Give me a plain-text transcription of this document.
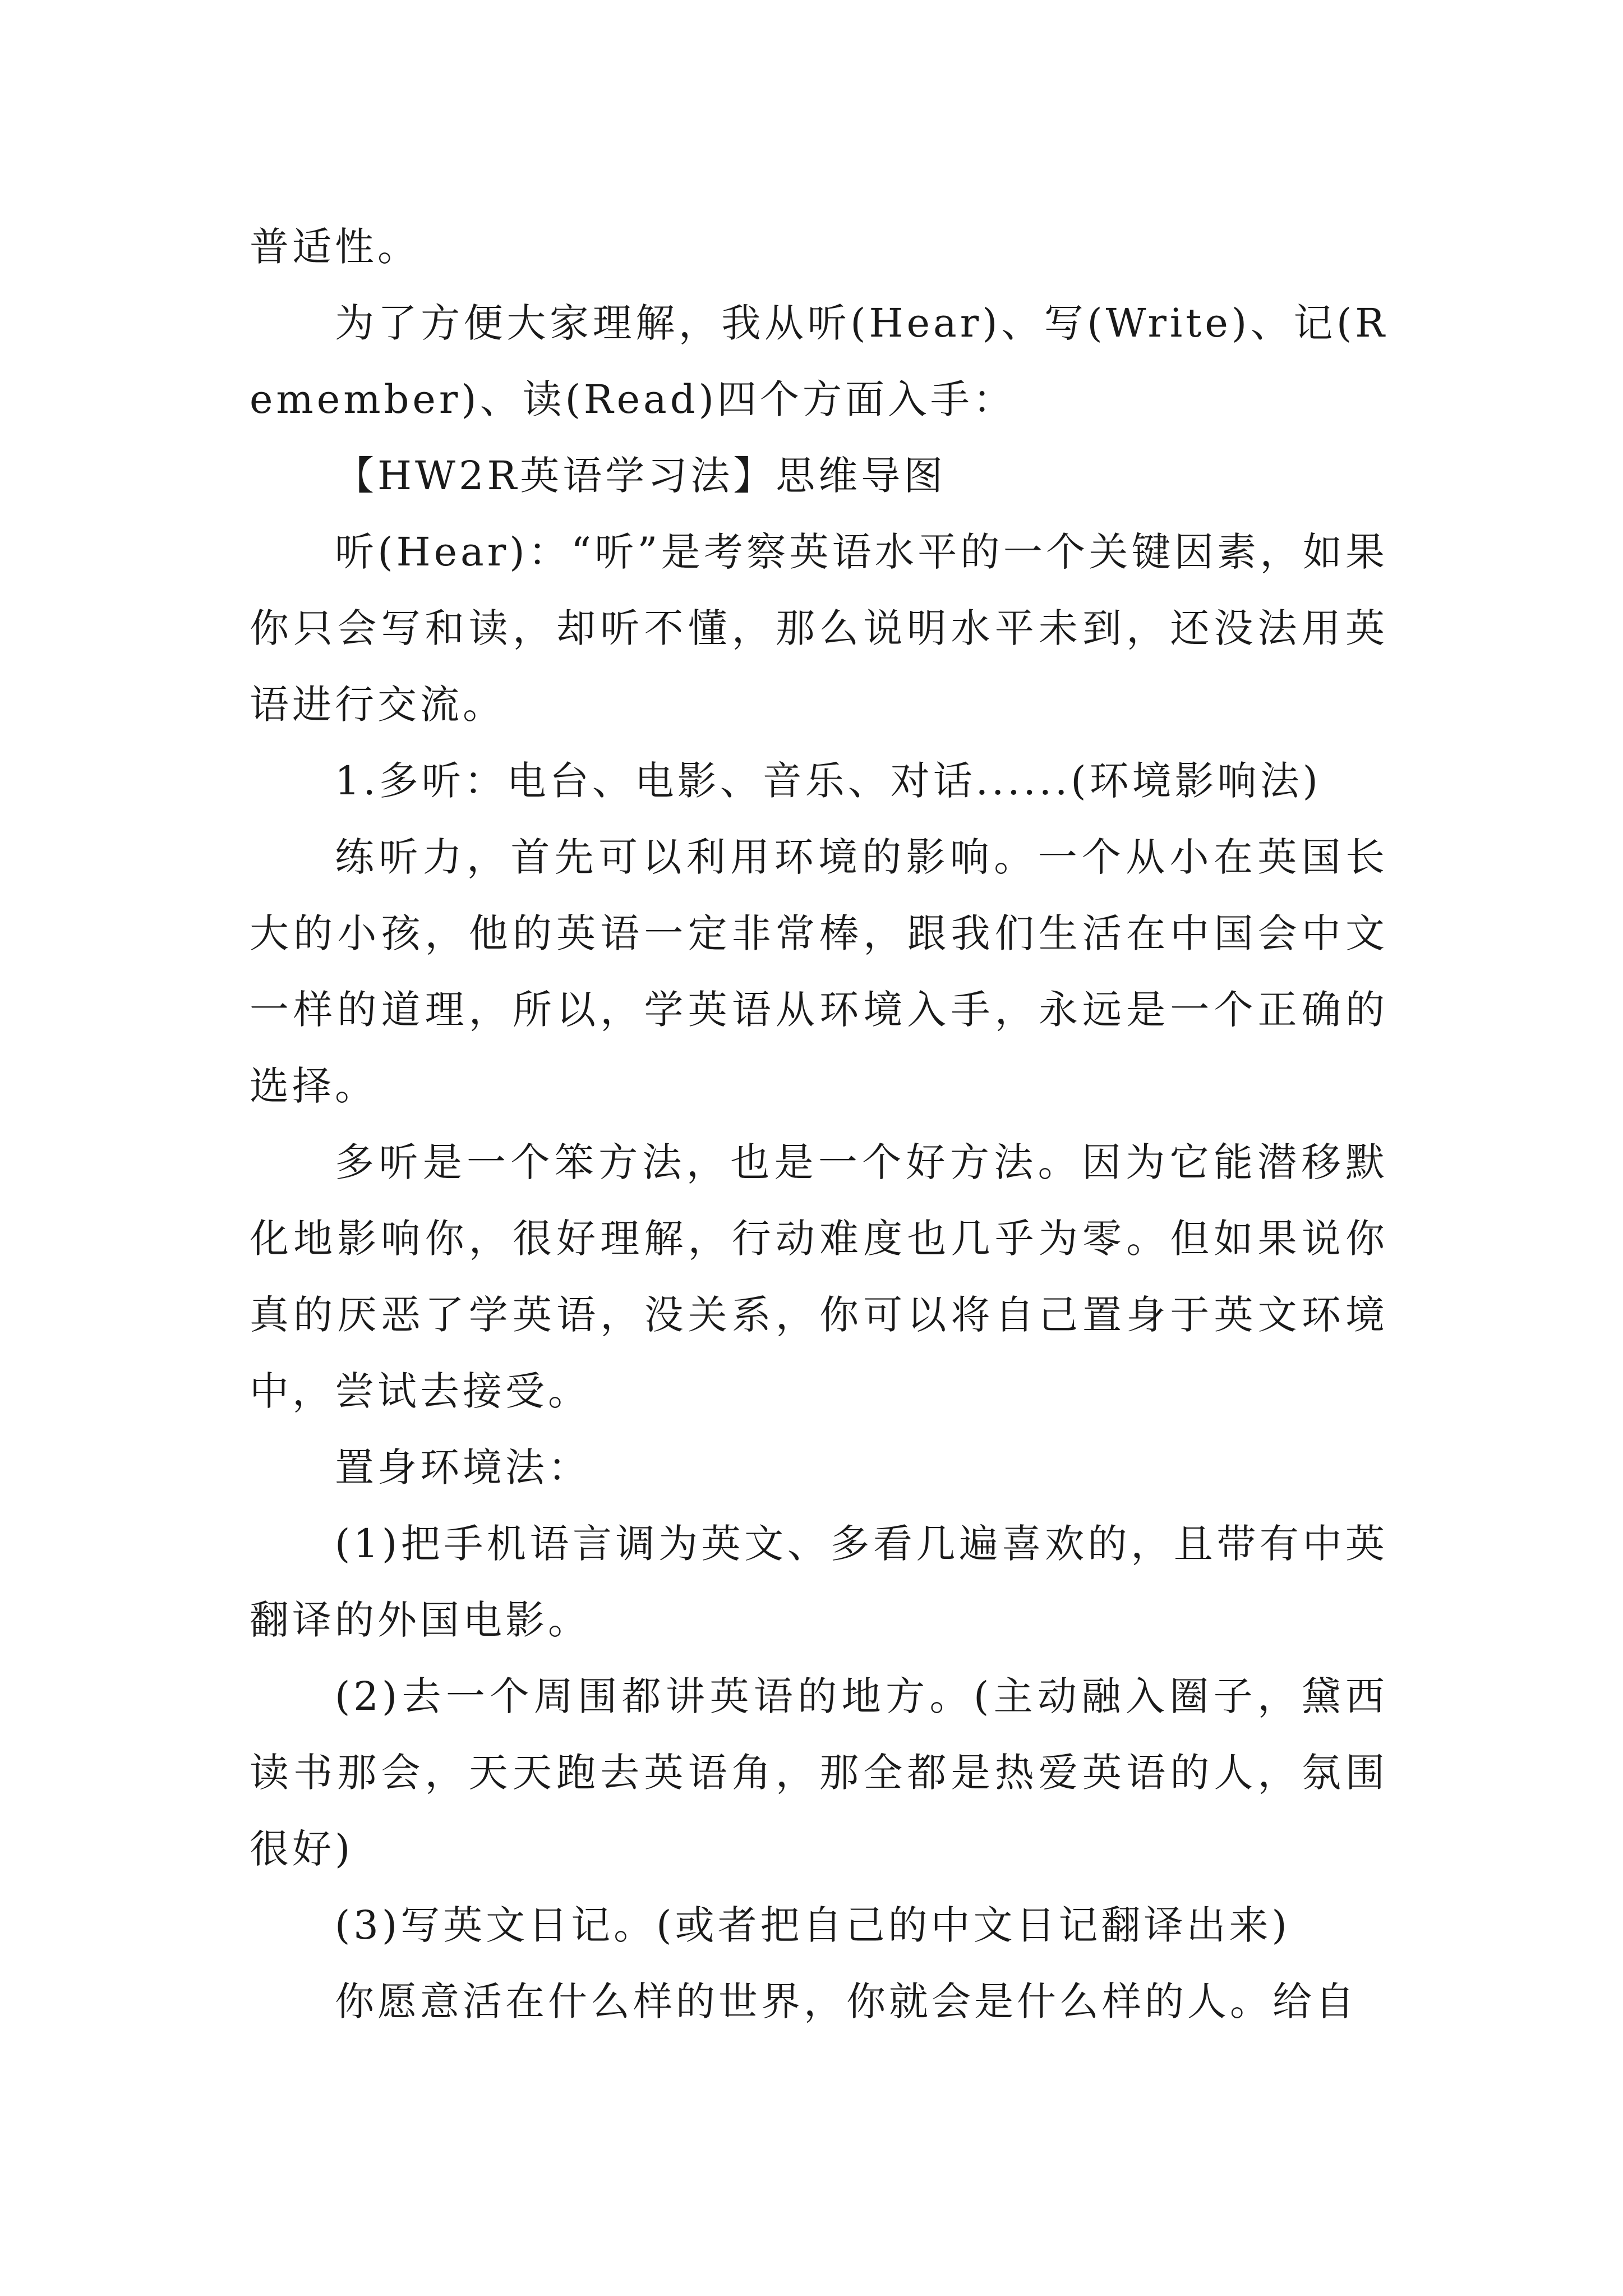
普适性。

为了方便大家理解，我从听(Hear)、写(Write)、记(Remember)、读(Read)四个方面入手：

【HW2R英语学习法】思维导图

听(Hear)：“听”是考察英语水平的一个关键因素，如果你只会写和读，却听不懂，那么说明水平未到，还没法用英语进行交流。

1.多听：电台、电影、音乐、对话......(环境影响法)

练听力，首先可以利用环境的影响。一个从小在英国长大的小孩，他的英语一定非常棒，跟我们生活在中国会中文一样的道理，所以，学英语从环境入手，永远是一个正确的选择。

多听是一个笨方法，也是一个好方法。因为它能潜移默化地影响你，很好理解，行动难度也几乎为零。但如果说你真的厌恶了学英语，没关系，你可以将自己置身于英文环境中，尝试去接受。

置身环境法：

(1)把手机语言调为英文、多看几遍喜欢的，且带有中英翻译的外国电影。

(2)去一个周围都讲英语的地方。(主动融入圈子，黛西读书那会，天天跑去英语角，那全都是热爱英语的人，氛围很好)

(3)写英文日记。(或者把自己的中文日记翻译出来)

你愿意活在什么样的世界，你就会是什么样的人。给自
